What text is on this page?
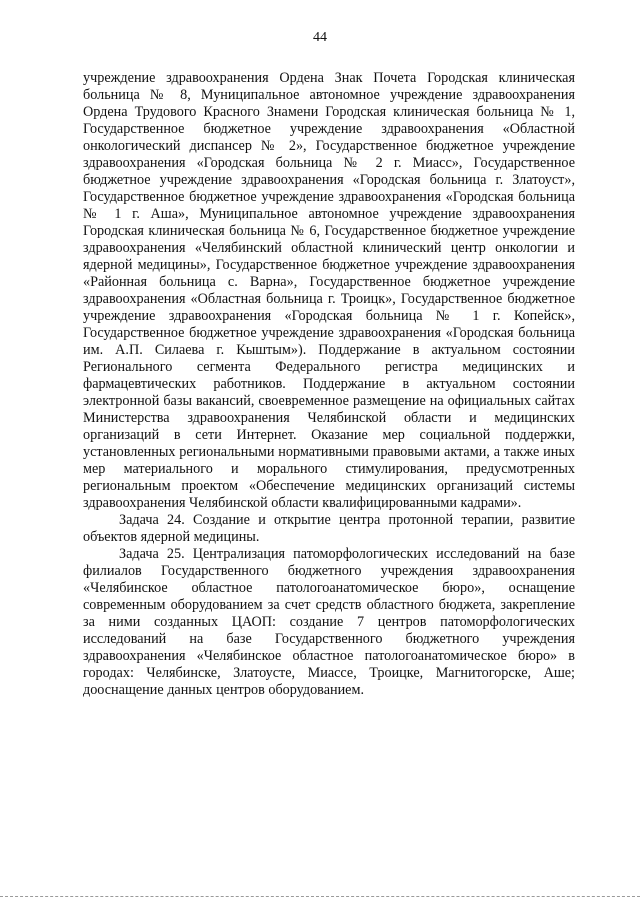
44

учреждение здравоохранения Ордена Знак Почета Городская клиническая больница № 8, Муниципальное автономное учреждение здравоохранения Ордена Трудового Красного Знамени Городская клиническая больница № 1, Государственное бюджетное учреждение здравоохранения «Областной онкологический диспансер № 2», Государственное бюджетное учреждение здравоохранения «Городская больница № 2 г. Миасс», Государственное бюджетное учреждение здравоохранения «Городская больница г. Златоуст», Государственное бюджетное учреждение здравоохранения «Городская больница № 1 г. Аша», Муниципальное автономное учреждение здравоохранения Городская клиническая больница № 6, Государственное бюджетное учреждение здравоохранения «Челябинский областной клинический центр онкологии и ядерной медицины», Государственное бюджетное учреждение здравоохранения «Районная больница с. Варна», Государственное бюджетное учреждение здравоохранения «Областная больница г. Троицк», Государственное бюджетное учреждение здравоохранения «Городская больница № 1 г. Копейск», Государственное бюджетное учреждение здравоохранения «Городская больница им. А.П. Силаева г. Кыштым»). Поддержание в актуальном состоянии Регионального сегмента Федерального регистра медицинских и фармацевтических работников. Поддержание в актуальном состоянии электронной базы вакансий, своевременное размещение на официальных сайтах Министерства здравоохранения Челябинской области и медицинских организаций в сети Интернет. Оказание мер социальной поддержки, установленных региональными нормативными правовыми актами, а также иных мер материального и морального стимулирования, предусмотренных региональным проектом «Обеспечение медицинских организаций системы здравоохранения Челябинской области квалифицированными кадрами».

Задача 24. Создание и открытие центра протонной терапии, развитие объектов ядерной медицины.

Задача 25. Централизация патоморфологических исследований на базе филиалов Государственного бюджетного учреждения здравоохранения «Челябинское областное патологоанатомическое бюро», оснащение современным оборудованием за счет средств областного бюджета, закрепление за ними созданных ЦАОП: создание 7 центров патоморфологических исследований на базе Государственного бюджетного учреждения здравоохранения «Челябинское областное патологоанатомическое бюро» в городах: Челябинске, Златоусте, Миассе, Троицке, Магнитогорске, Аше; дооснащение данных центров оборудованием.
